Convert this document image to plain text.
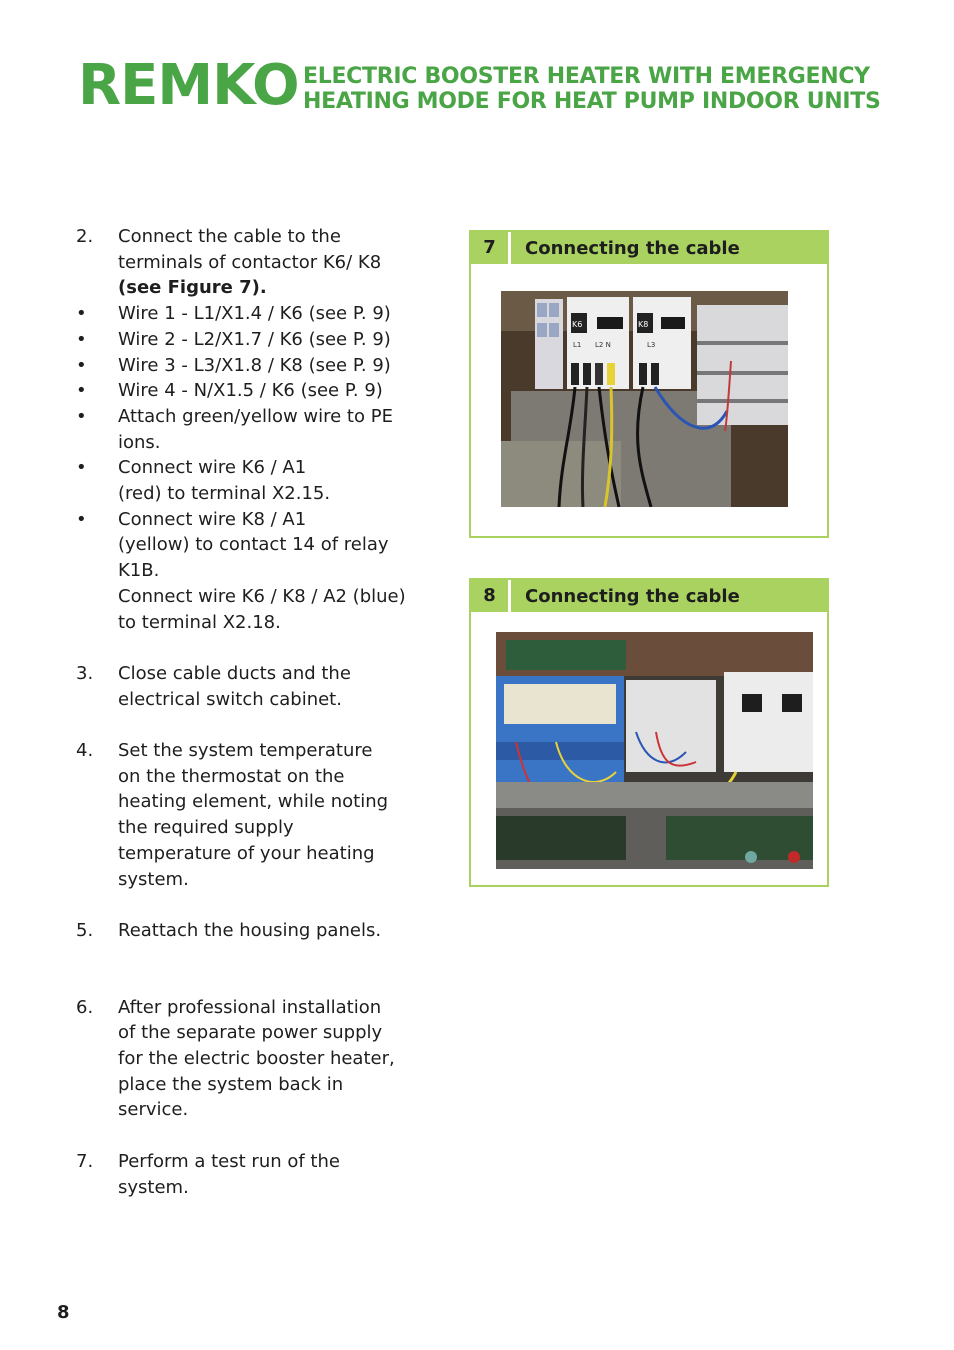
REMKO ELECTRIC BOOSTER HEATER WITH EMERGENCY
HEATING MODE FOR HEAT PUMP INDOOR UNITS
2.	Connect the cable to the
terminals of contactor K6/ K8
(see Figure 7).
•	Wire 1 - L1/X1.4 / K6 (see P. 9)
•	Wire 2 - L2/X1.7 / K6 (see P. 9)
•	Wire 3 - L3/X1.8 / K8 (see P. 9)
•	Wire 4 - N/X1.5 / K6 (see P. 9)
•	Attach green/yellow wire to PE
ions.
•	Connect wire K6 / A1
(red) to terminal X2.15.
•	Connect wire K8 / A1
(yellow) to contact 14 of relay
K1B.
Connect wire K6 / K8 / A2 (blue)
to terminal X2.18.
3.	Close cable ducts and the
electrical switch cabinet.
4.	Set the system temperature
on the thermostat on the
heating element, while noting
the required supply
temperature of your heating
system.
5.	Reattach the housing panels.
6.	After professional installation
of the separate power supply
for the electric booster heater,
place the system back in
service.
7.	Perform a test run of the system.
7	Connecting the cable
K6
L1 L2 N
K8
L3
8	Connecting the cable
8
